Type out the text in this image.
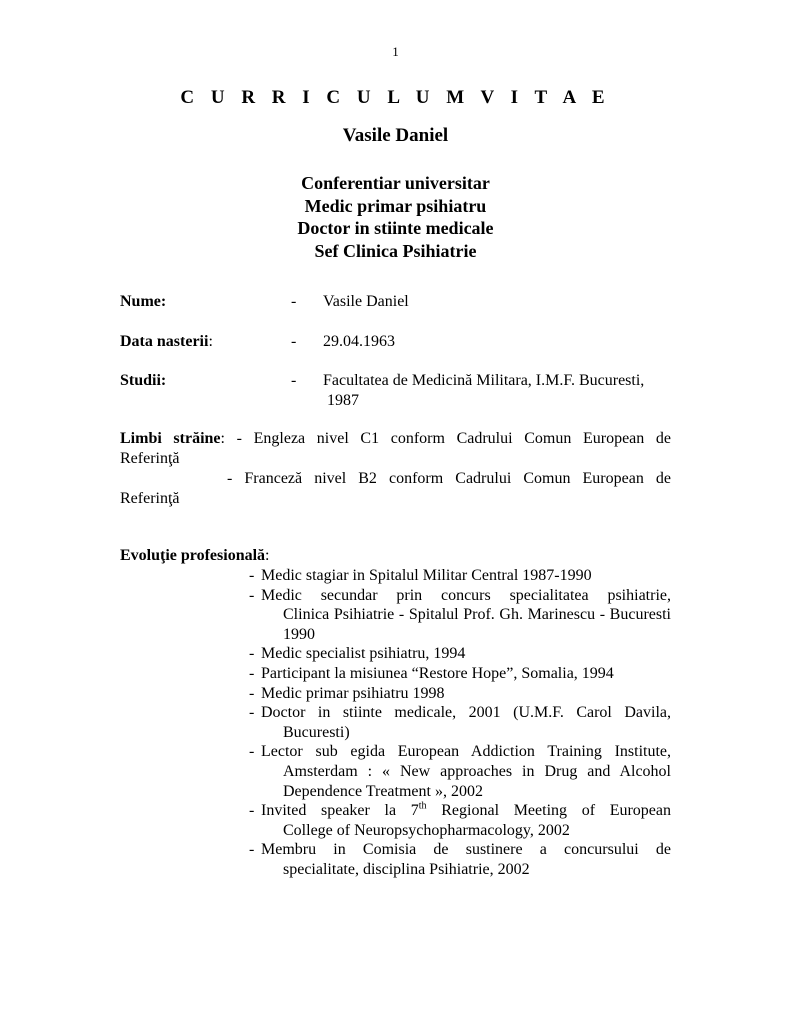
1
C U R R I C U L U M V I T A E
Vasile Daniel
Conferentiar universitar
Medic primar psihiatru
Doctor in stiinte medicale
Sef Clinica Psihiatrie
Nume:	- Vasile Daniel
Data nasterii:	- 29.04.1963
Studii:	- Facultatea de Medicină Militara, I.M.F. Bucuresti,
1987
Limbi străine: - Engleza nivel C1 conform Cadrului Comun European de
Referinţă
- Franceză nivel B2 conform Cadrului Comun European de
Referinţă
Evoluţie profesională:
- Medic stagiar in Spitalul Militar Central 1987-1990
- Medic secundar prin concurs specialitatea psihiatrie,
Clinica Psihiatrie - Spitalul Prof. Gh. Marinescu - Bucuresti 1990
- Medic specialist psihiatru, 1994
- Participant la misiunea “Restore Hope”, Somalia, 1994
- Medic primar psihiatru 1998
- Doctor in stiinte medicale, 2001 (U.M.F. Carol Davila,
Bucuresti)
- Lector sub egida European Addiction Training Institute,
Amsterdam : « New approaches in Drug and Alcohol Dependence Treatment », 2002
- Invited speaker la 7th Regional Meeting of European
College of Neuropsychopharmacology, 2002
- Membru in Comisia de sustinere a concursului de
specialitate, disciplina Psihiatrie, 2002
